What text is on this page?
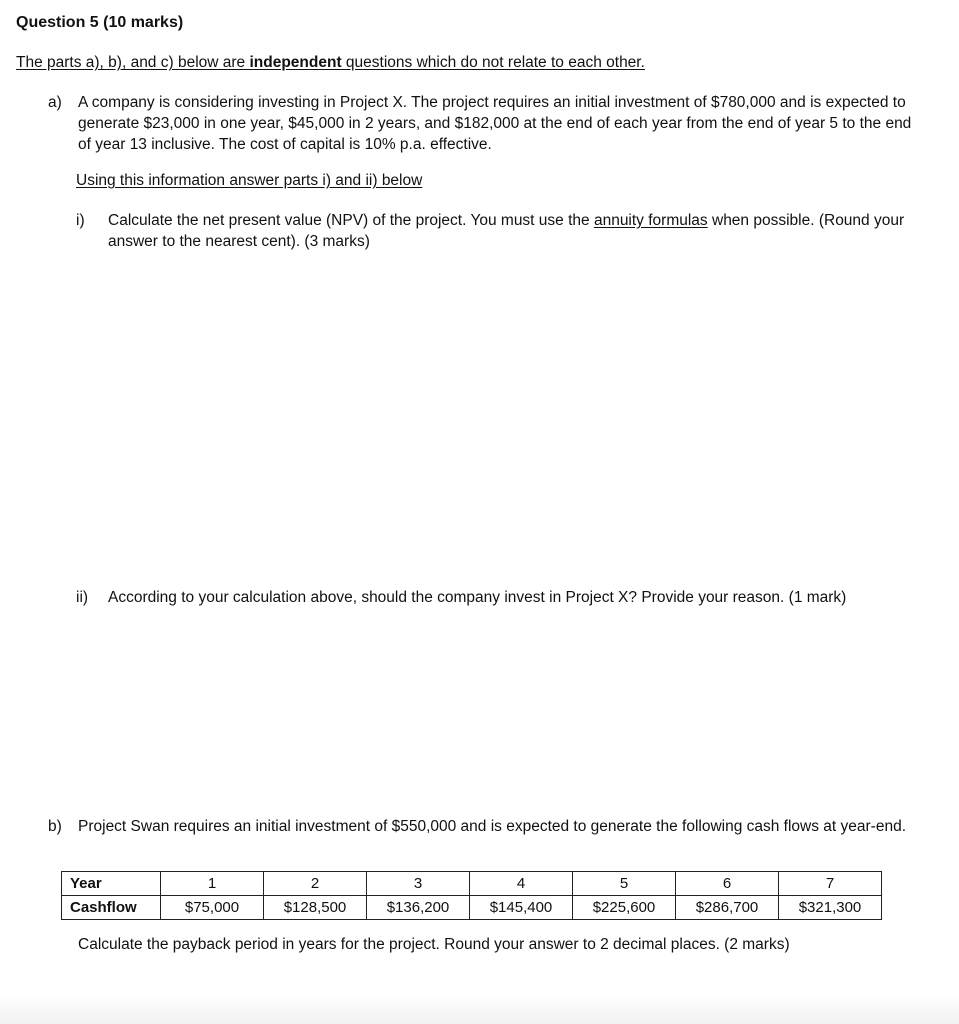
Question 5 (10 marks)
The parts a), b), and c) below are independent questions which do not relate to each other.
a)	A company is considering investing in Project X. The project requires an initial investment of $780,000 and is expected to generate $23,000 in one year, $45,000 in 2 years, and $182,000 at the end of each year from the end of year 5 to the end of year 13 inclusive. The cost of capital is 10% p.a. effective.
Using this information answer parts i) and ii) below
i)	Calculate the net present value (NPV) of the project. You must use the annuity formulas when possible. (Round your answer to the nearest cent). (3 marks)
ii)	According to your calculation above, should the company invest in Project X? Provide your reason. (1 mark)
b)	Project Swan requires an initial investment of $550,000 and is expected to generate the following cash flows at year-end.
Year	1	2	3	4	5	6	7
Cashflow	$75,000	$128,500	$136,200	$145,400	$225,600	$286,700	$321,300
Calculate the payback period in years for the project. Round your answer to 2 decimal places. (2 marks)
